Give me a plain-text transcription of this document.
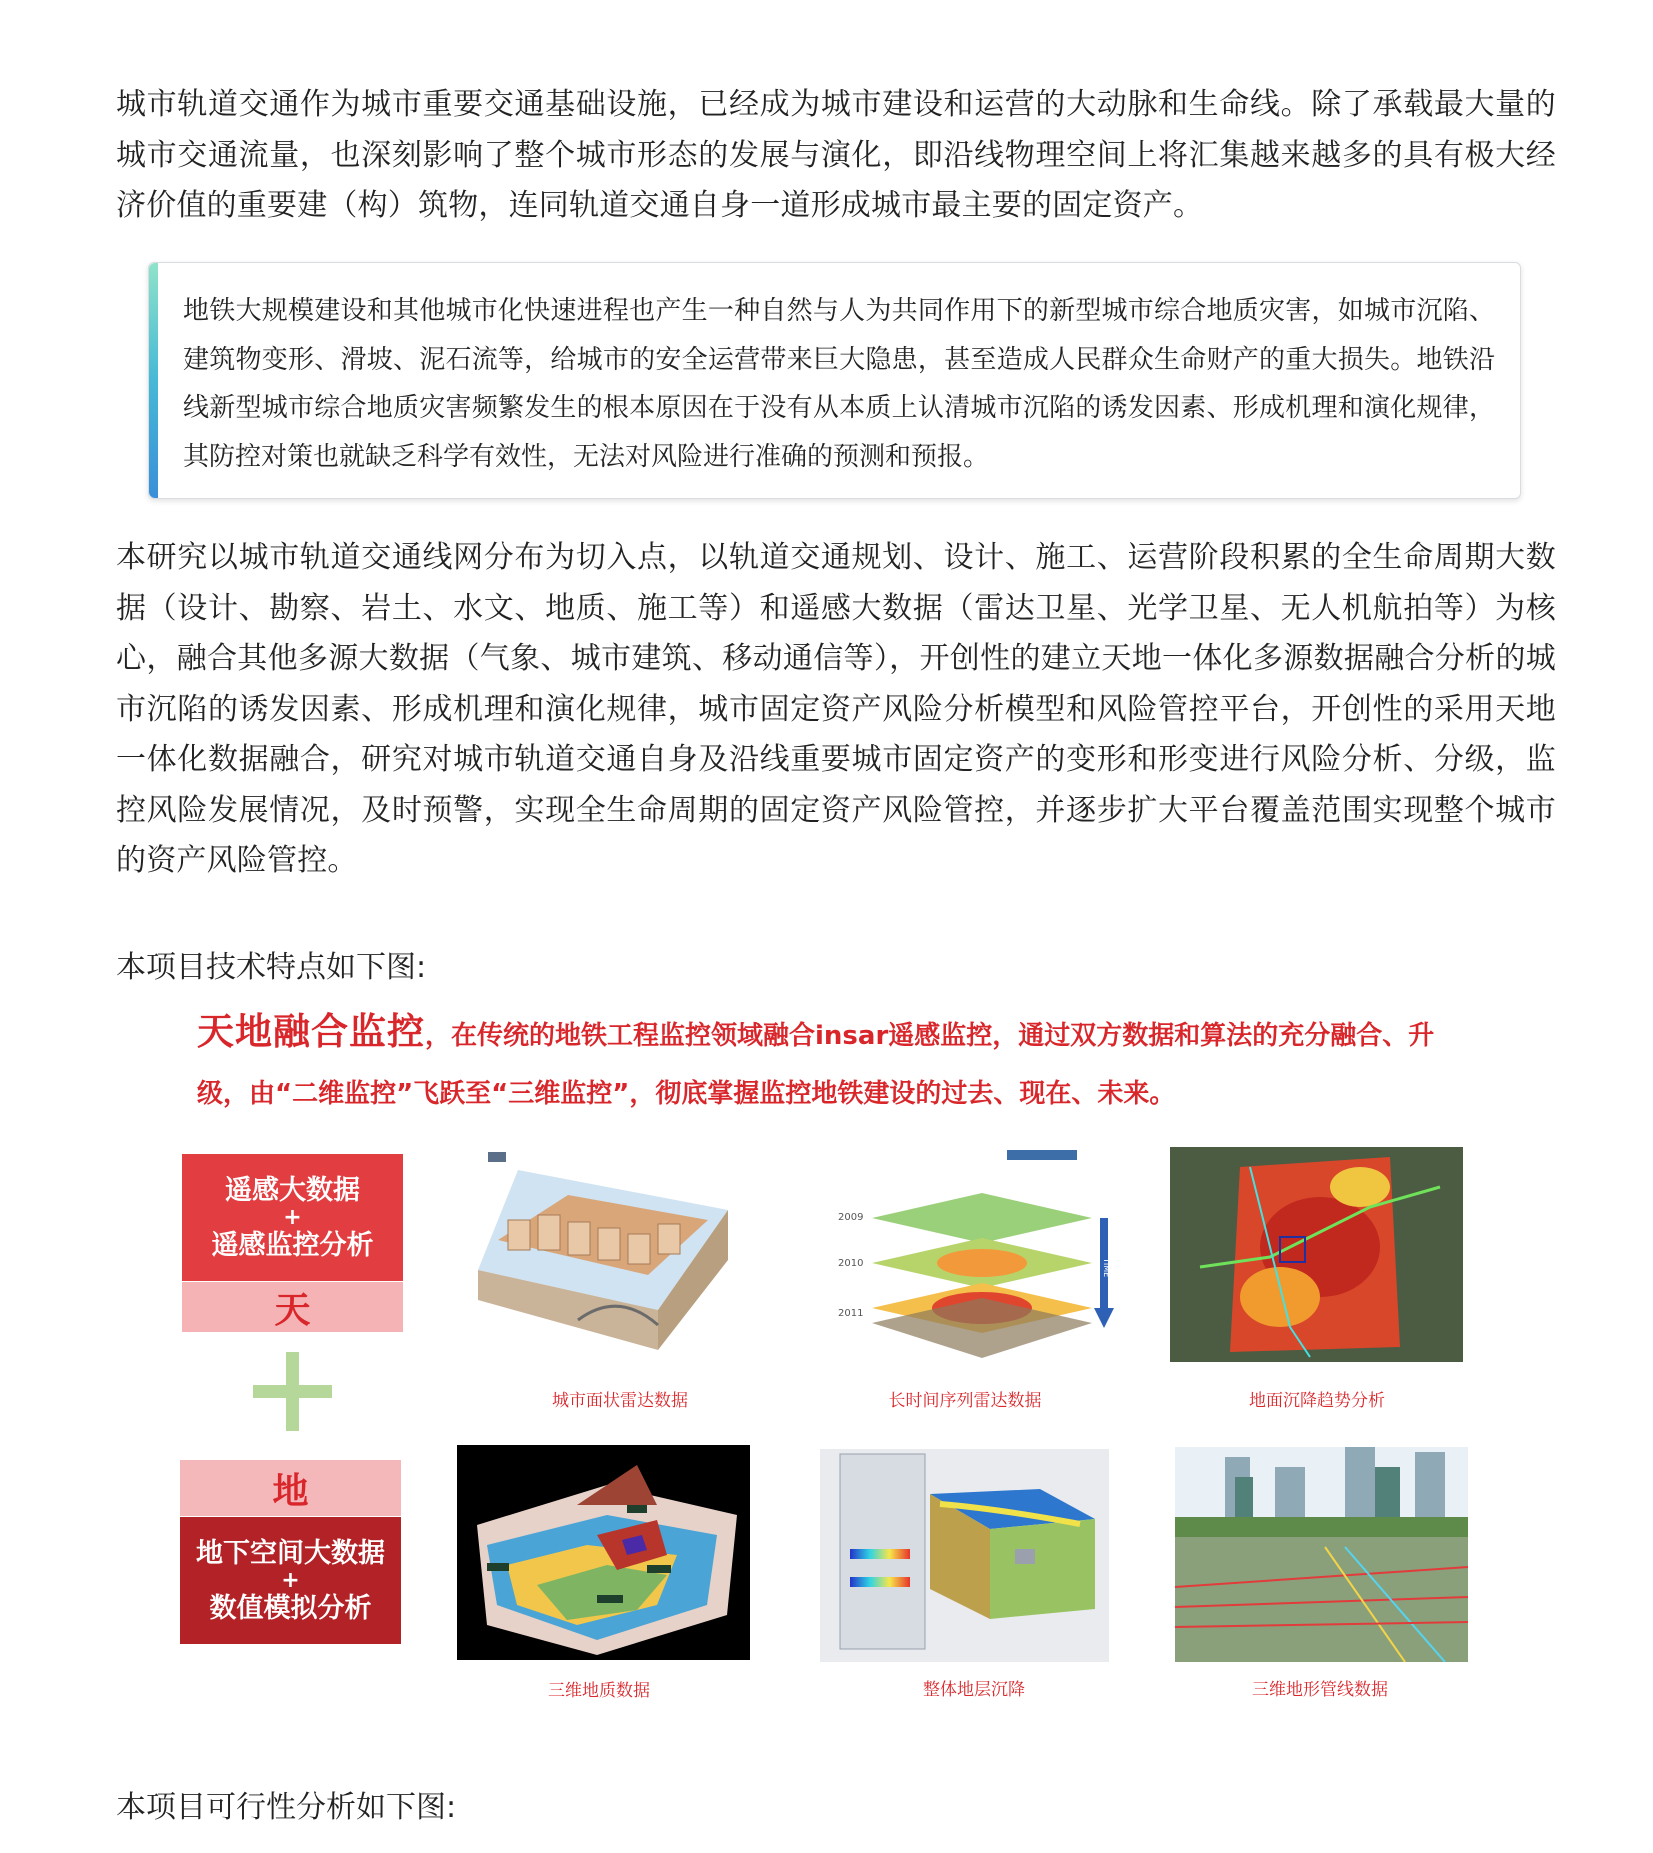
城市轨道交通作为城市重要交通基础设施，已经成为城市建设和运营的大动脉和生命线。除了承载最大量的城市交通流量，也深刻影响了整个城市形态的发展与演化，即沿线物理空间上将汇集越来越多的具有极大经济价值的重要建（构）筑物，连同轨道交通自身一道形成城市最主要的固定资产。

地铁大规模建设和其他城市化快速进程也产生一种自然与人为共同作用下的新型城市综合地质灾害，如城市沉陷、建筑物变形、滑坡、泥石流等，给城市的安全运营带来巨大隐患，甚至造成人民群众生命财产的重大损失。地铁沿线新型城市综合地质灾害频繁发生的根本原因在于没有从本质上认清城市沉陷的诱发因素、形成机理和演化规律，其防控对策也就缺乏科学有效性，无法对风险进行准确的预测和预报。

本研究以城市轨道交通线网分布为切入点，以轨道交通规划、设计、施工、运营阶段积累的全生命周期大数据（设计、勘察、岩土、水文、地质、施工等）和遥感大数据（雷达卫星、光学卫星、无人机航拍等）为核心，融合其他多源大数据（气象、城市建筑、移动通信等），开创性的建立天地一体化多源数据融合分析的城市沉陷的诱发因素、形成机理和演化规律，城市固定资产风险分析模型和风险管控平台，开创性的采用天地一体化数据融合，研究对城市轨道交通自身及沿线重要城市固定资产的变形和形变进行风险分析、分级，监控风险发展情况，及时预警，实现全生命周期的固定资产风险管控，并逐步扩大平台覆盖范围实现整个城市的资产风险管控。

本项目技术特点如下图:
天地融合监控，在传统的地铁工程监控领域融合insar遥感监控，通过双方数据和算法的充分融合、升
级，由“二维监控”飞跃至“三维监控”，彻底掌握监控地铁建设的过去、现在、未来。
遥感大数据
+
遥感监控分析
天
地
地下空间大数据
+
数值模拟分析
城市面状雷达数据
2009
2010
2011
TIME
长时间序列雷达数据	地面沉降趋势分析
三维地质数据	整体地层沉降	三维地形管线数据
本项目可行性分析如下图:
